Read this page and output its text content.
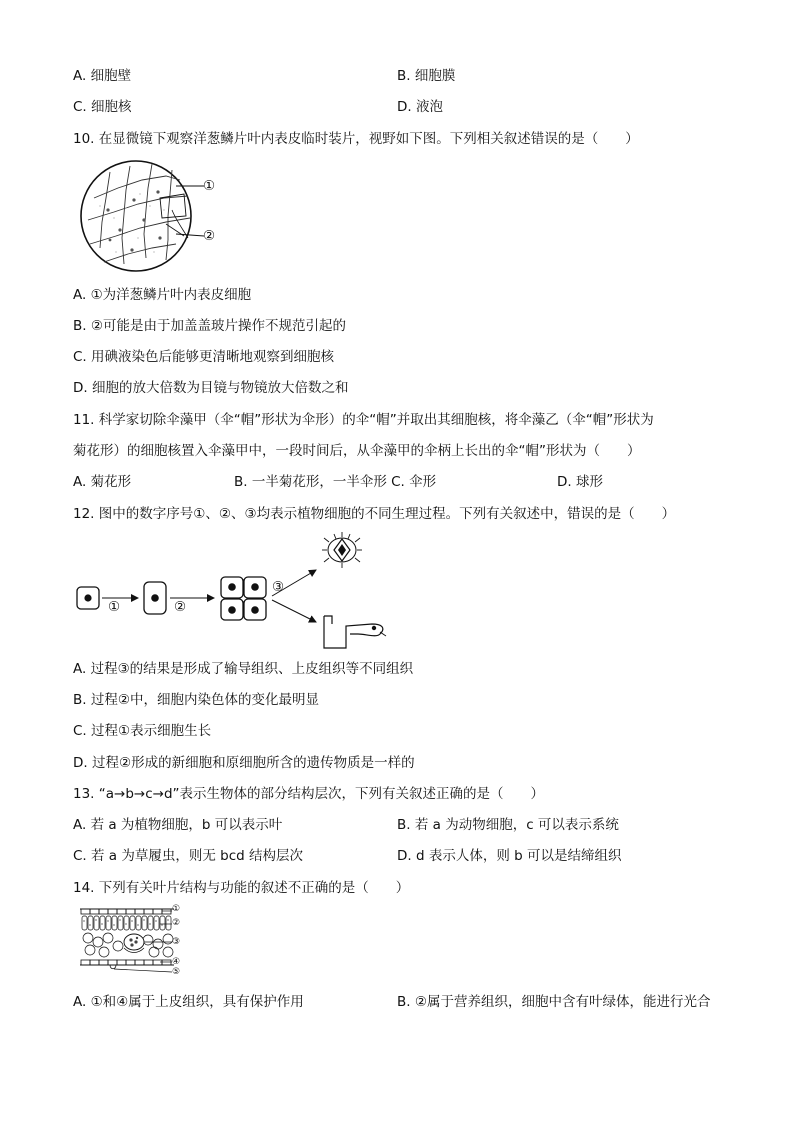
A. 细胞壁	B. 细胞膜
C. 细胞核	D. 液泡
10. 在显微镜下观察洋葱鳞片叶内表皮临时装片，视野如下图。下列相关叙述错误的是（　　）
①
②
A. ①为洋葱鳞片叶内表皮细胞
B. ②可能是由于加盖盖玻片操作不规范引起的
C. 用碘液染色后能够更清晰地观察到细胞核
D. 细胞的放大倍数为目镜与物镜放大倍数之和
11. 科学家切除伞藻甲（伞“帽”形状为伞形）的伞“帽”并取出其细胞核，将伞藻乙（伞“帽”形状为
菊花形）的细胞核置入伞藻甲中，一段时间后，从伞藻甲的伞柄上长出的伞“帽”形状为（　　）
A. 菊花形	B. 一半菊花形，一半伞形 C. 伞形	D. 球形
12. 图中的数字序号①、②、③均表示植物细胞的不同生理过程。下列有关叙述中，错误的是（　　）
①	②
③
A. 过程③的结果是形成了输导组织、上皮组织等不同组织
B. 过程②中，细胞内染色体的变化最明显
C. 过程①表示细胞生长
D. 过程②形成的新细胞和原细胞所含的遗传物质是一样的
13. “a→b→c→d”表示生物体的部分结构层次，下列有关叙述正确的是（　　）
A. 若 a 为植物细胞，b 可以表示叶	B. 若 a 为动物细胞，c 可以表示系统
C. 若 a 为草履虫，则无 bcd 结构层次	D. d 表示人体，则 b 可以是结缔组织
14. 下列有关叶片结构与功能的叙述不正确的是（　　）
①
②
③
④
⑤
A. ①和④属于上皮组织，具有保护作用	B. ②属于营养组织，细胞中含有叶绿体，能进行光合
